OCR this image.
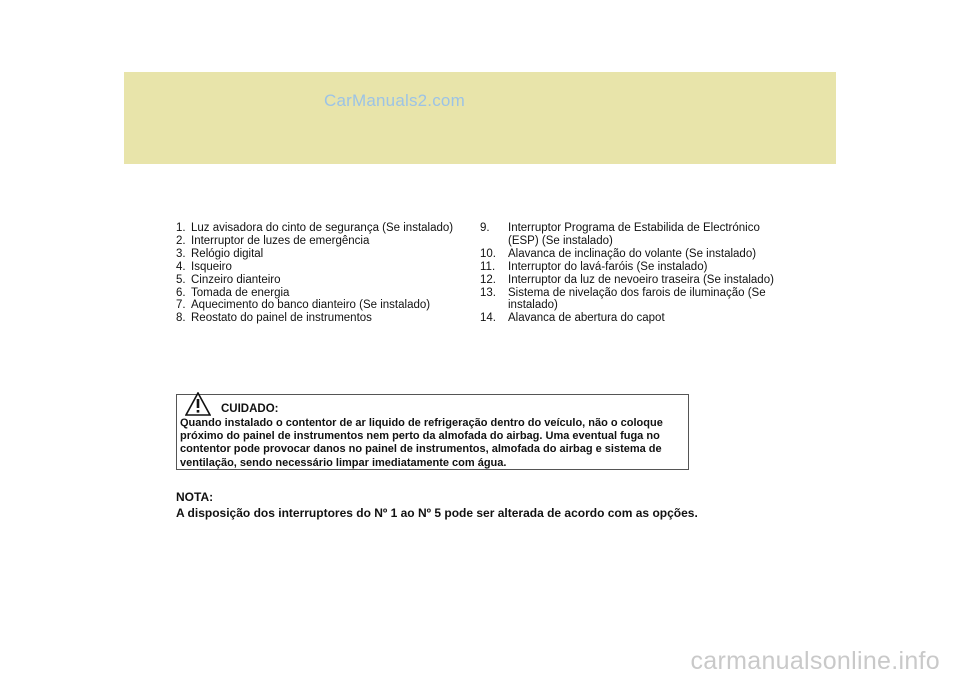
CarManuals2.com
1. Luz avisadora do cinto de segurança (Se instalado)
2. Interruptor de luzes de emergência
3. Relógio digital
4. Isqueiro
5. Cinzeiro dianteiro
6. Tomada de energia
7. Aquecimento do banco dianteiro (Se instalado)
8. Reostato do painel de instrumentos
9. Interruptor Programa de Estabilida de Electrónico (ESP) (Se instalado)
10. Alavanca de inclinação do volante (Se instalado)
11. Interruptor do lavá-faróis (Se instalado)
12. Interruptor da luz de nevoeiro traseira (Se instalado)
13. Sistema de nivelação dos farois de iluminação (Se instalado)
14. Alavanca de abertura do capot
CUIDADO:
Quando instalado o contentor de ar liquido de refrigeração dentro do veículo, não o coloque próximo do painel de instrumentos nem perto da almofada do airbag. Uma eventual fuga no contentor pode provocar danos no painel de instrumentos, almofada do airbag e sistema de ventilação, sendo necessário limpar imediatamente com água.
NOTA:
A disposição dos interruptores do Nº 1 ao Nº 5 pode ser alterada de acordo com as opções.
carmanualsonline.info
